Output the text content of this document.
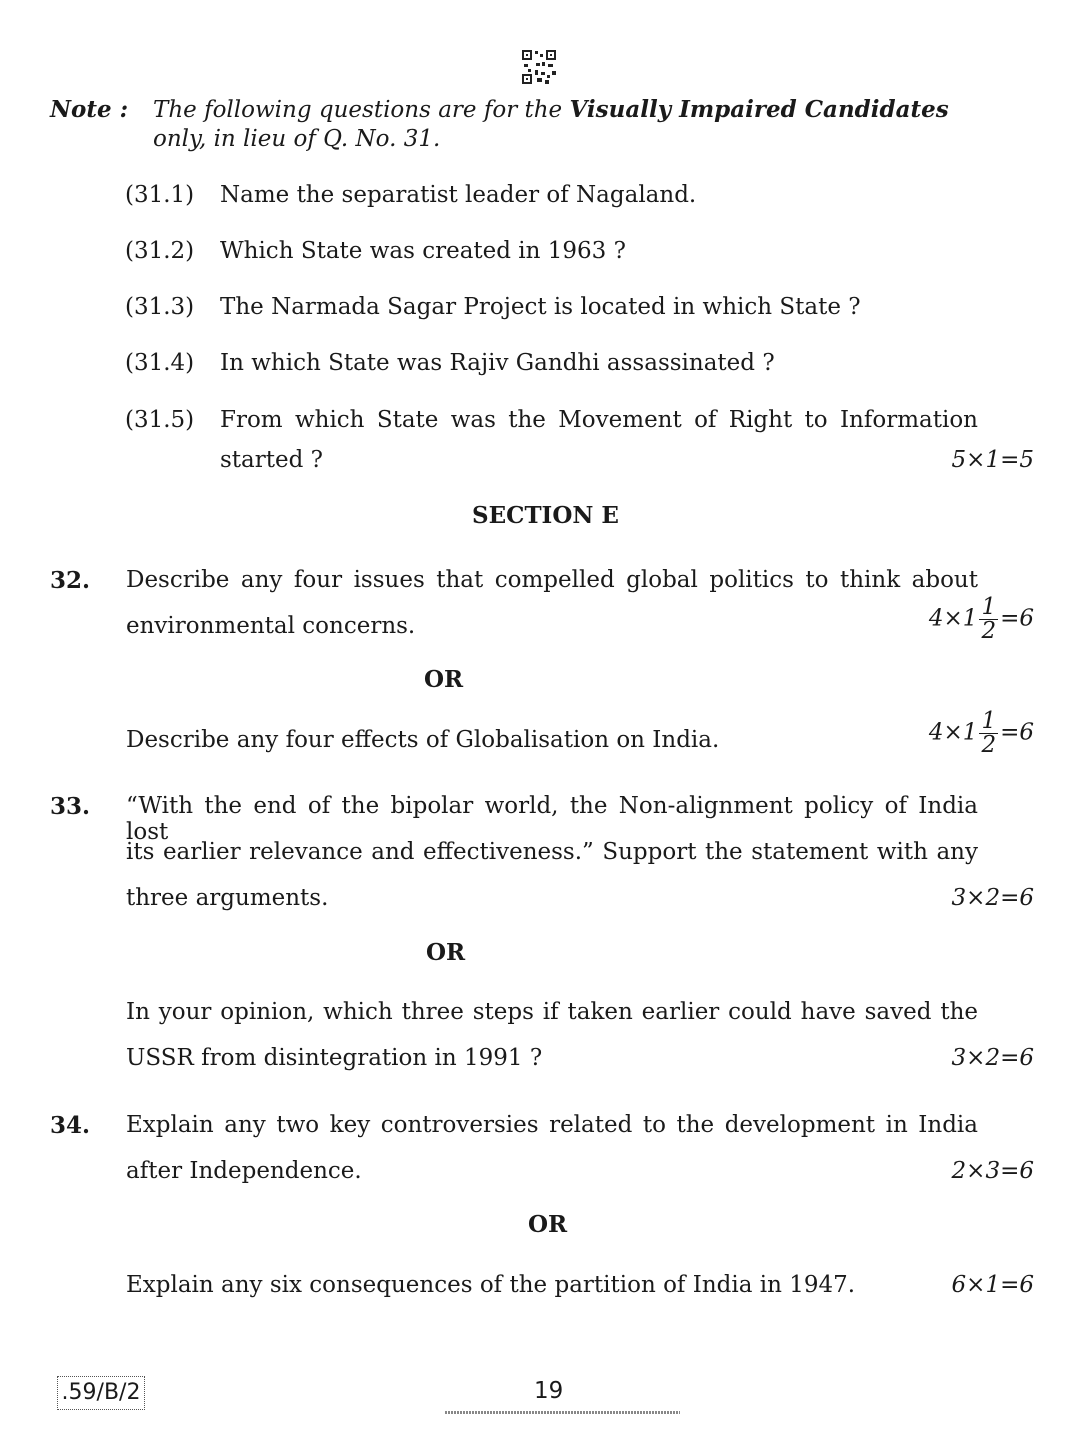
Note : The following questions are for the Visually Impaired Candidates
only, in lieu of Q. No. 31.
(31.1) Name the separatist leader of Nagaland.
(31.2) Which State was created in 1963 ?
(31.3) The Narmada Sagar Project is located in which State ?
(31.4) In which State was Rajiv Gandhi assassinated ?
(31.5) From which State was the Movement of Right to Information
started ?	5×1=5
SECTION E
32. Describe any four issues that compelled global politics to think about
environmental concerns.	$4\times 1 \frac{1}{2} =6$
OR
Describe any four effects of Globalisation on India.	$4\times 1 \frac{1}{2} =6$
33. “With the end of the bipolar world, the Non-alignment policy of India lost
its earlier relevance and effectiveness.” Support the statement with any
three arguments.	3×2=6
OR
In your opinion, which three steps if taken earlier could have saved the
USSR from disintegration in 1991 ?	3×2=6
34. Explain any two key controversies related to the development in India
after Independence.	2×3=6
OR
Explain any six consequences of the partition of India in 1947.	6×1=6
.59/B/2	19
